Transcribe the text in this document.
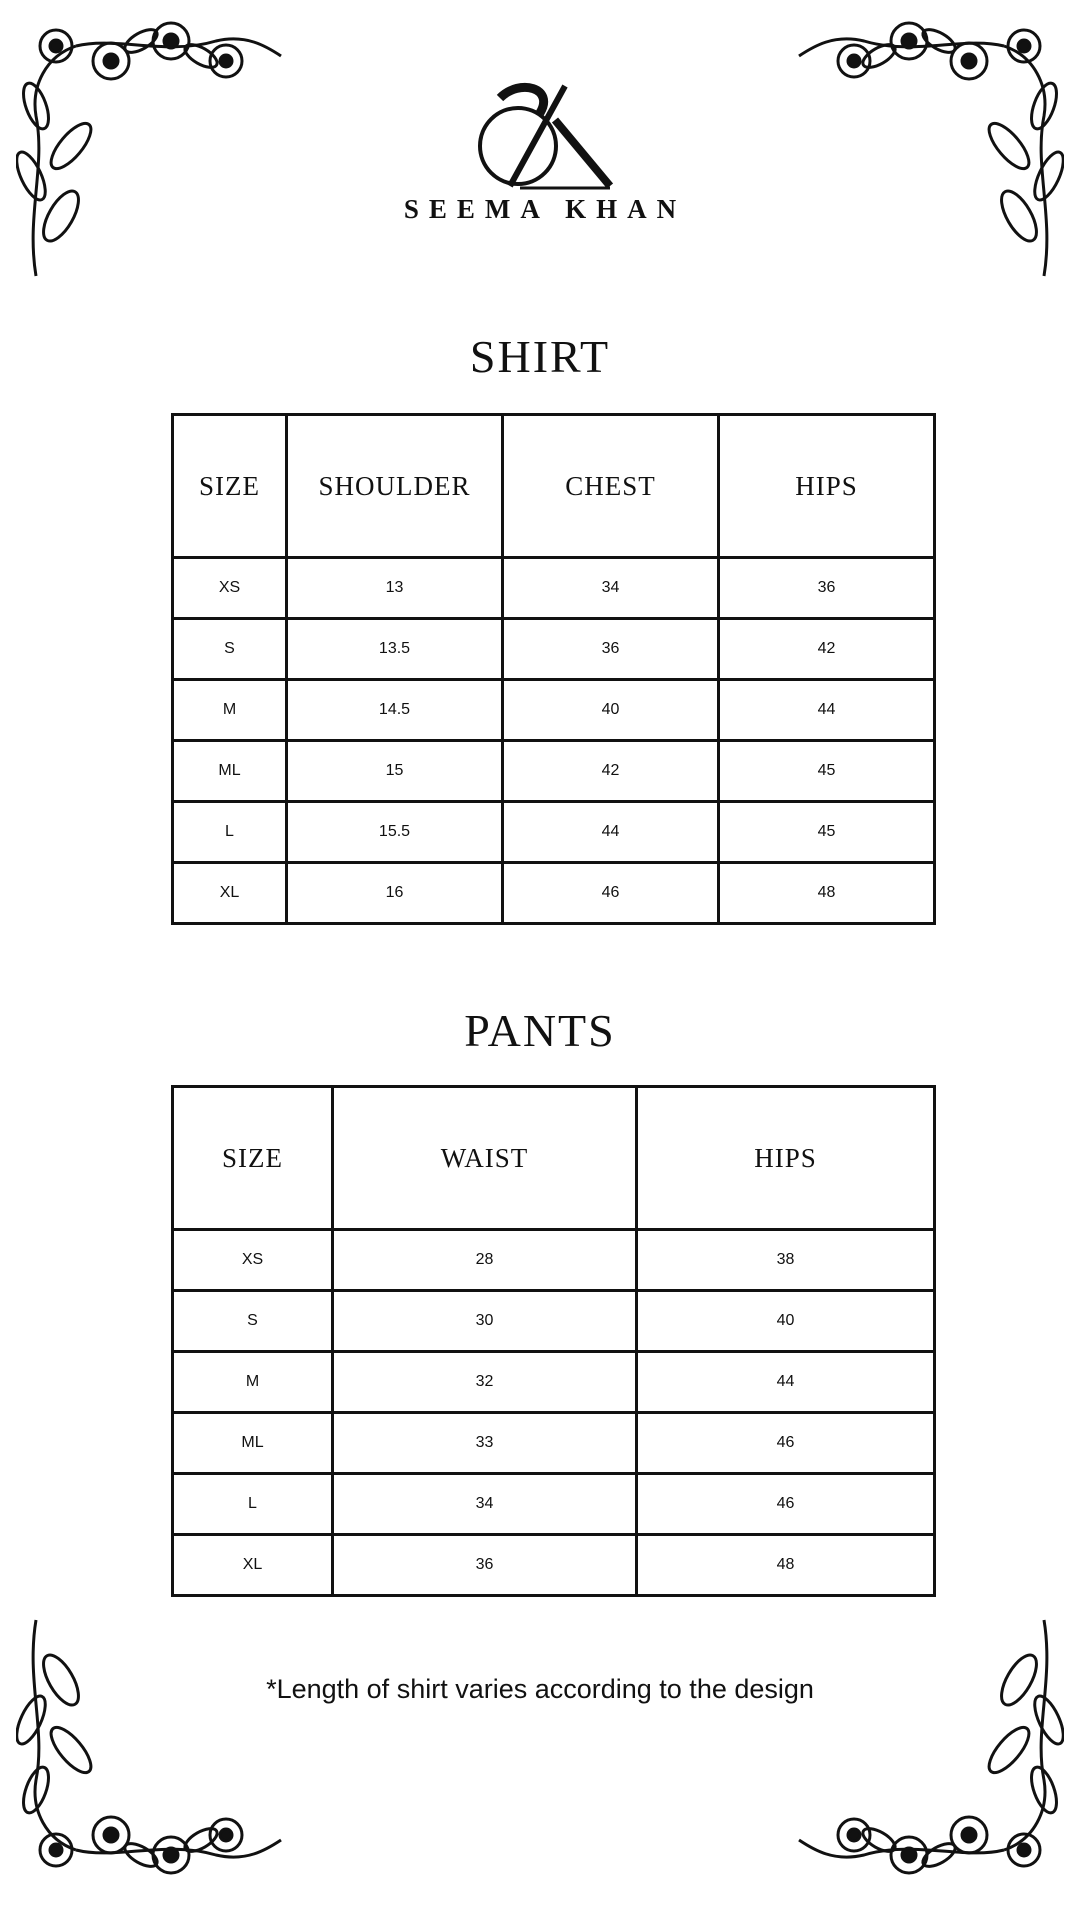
SEEMA KHAN
SHIRT
SIZE	SHOULDER	CHEST	HIPS
XS	13	34	36
S	13.5	36	42
M	14.5	40	44
ML	15	42	45
L	15.5	44	45
XL	16	46	48
PANTS
SIZE	WAIST	HIPS
XS	28	38
S	30	40
M	32	44
ML	33	46
L	34	46
XL	36	48
*Length of shirt varies according to the design
